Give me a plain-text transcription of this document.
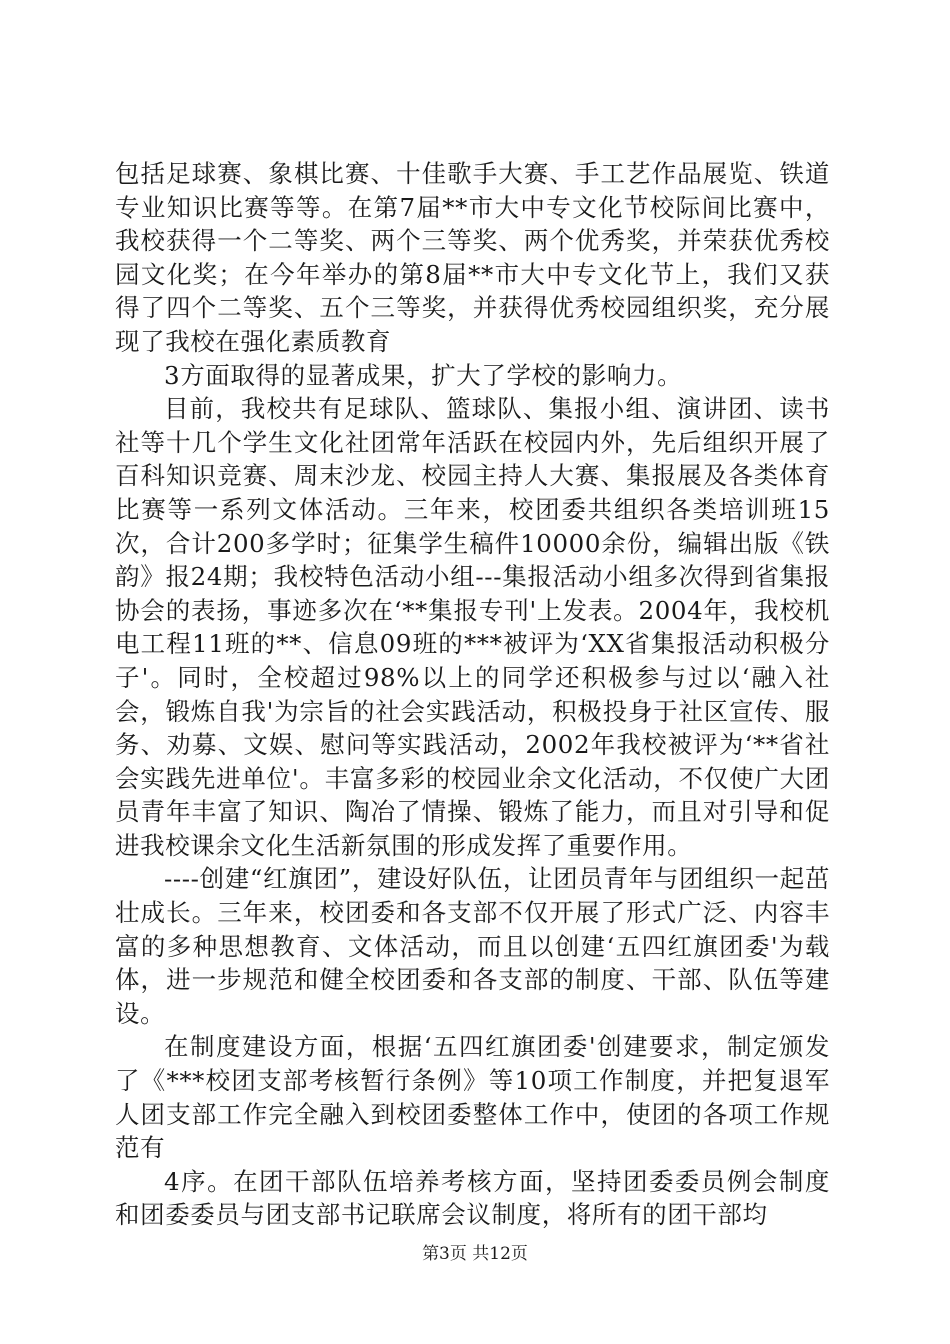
包括足球赛、象棋比赛、十佳歌手大赛、手工艺作品展览、铁道专业知识比赛等等。在第7届**市大中专文化节校际间比赛中，我校获得一个二等奖、两个三等奖、两个优秀奖，并荣获优秀校园文化奖；在今年举办的第8届**市大中专文化节上，我们又获得了四个二等奖、五个三等奖，并获得优秀校园组织奖，充分展现了我校在强化素质教育

3方面取得的显著成果，扩大了学校的影响力。

目前，我校共有足球队、篮球队、集报小组、演讲团、读书社等十几个学生文化社团常年活跃在校园内外，先后组织开展了百科知识竞赛、周末沙龙、校园主持人大赛、集报展及各类体育比赛等一系列文体活动。三年来，校团委共组织各类培训班15次，合计200多学时；征集学生稿件10000余份，编辑出版《铁韵》报24期；我校特色活动小组---集报活动小组多次得到省集报协会的表扬，事迹多次在‘**集报专刊'上发表。2004年，我校机电工程11班的**、信息09班的***被评为‘XX省集报活动积极分子'。同时，全校超过98%以上的同学还积极参与过以‘融入社会，锻炼自我'为宗旨的社会实践活动，积极投身于社区宣传、服务、劝募、文娱、慰问等实践活动，2002年我校被评为‘**省社会实践先进单位'。丰富多彩的校园业余文化活动，不仅使广大团员青年丰富了知识、陶冶了情操、锻炼了能力，而且对引导和促进我校课余文化生活新氛围的形成发挥了重要作用。

----创建“红旗团”，建设好队伍，让团员青年与团组织一起茁壮成长。三年来，校团委和各支部不仅开展了形式广泛、内容丰富的多种思想教育、文体活动，而且以创建‘五四红旗团委'为载体，进一步规范和健全校团委和各支部的制度、干部、队伍等建设。

在制度建设方面，根据‘五四红旗团委'创建要求，制定颁发了《***校团支部考核暂行条例》等10项工作制度，并把复退军人团支部工作完全融入到校团委整体工作中，使团的各项工作规范有

4序。在团干部队伍培养考核方面，坚持团委委员例会制度和团委委员与团支部书记联席会议制度，将所有的团干部均

第3页 共12页
